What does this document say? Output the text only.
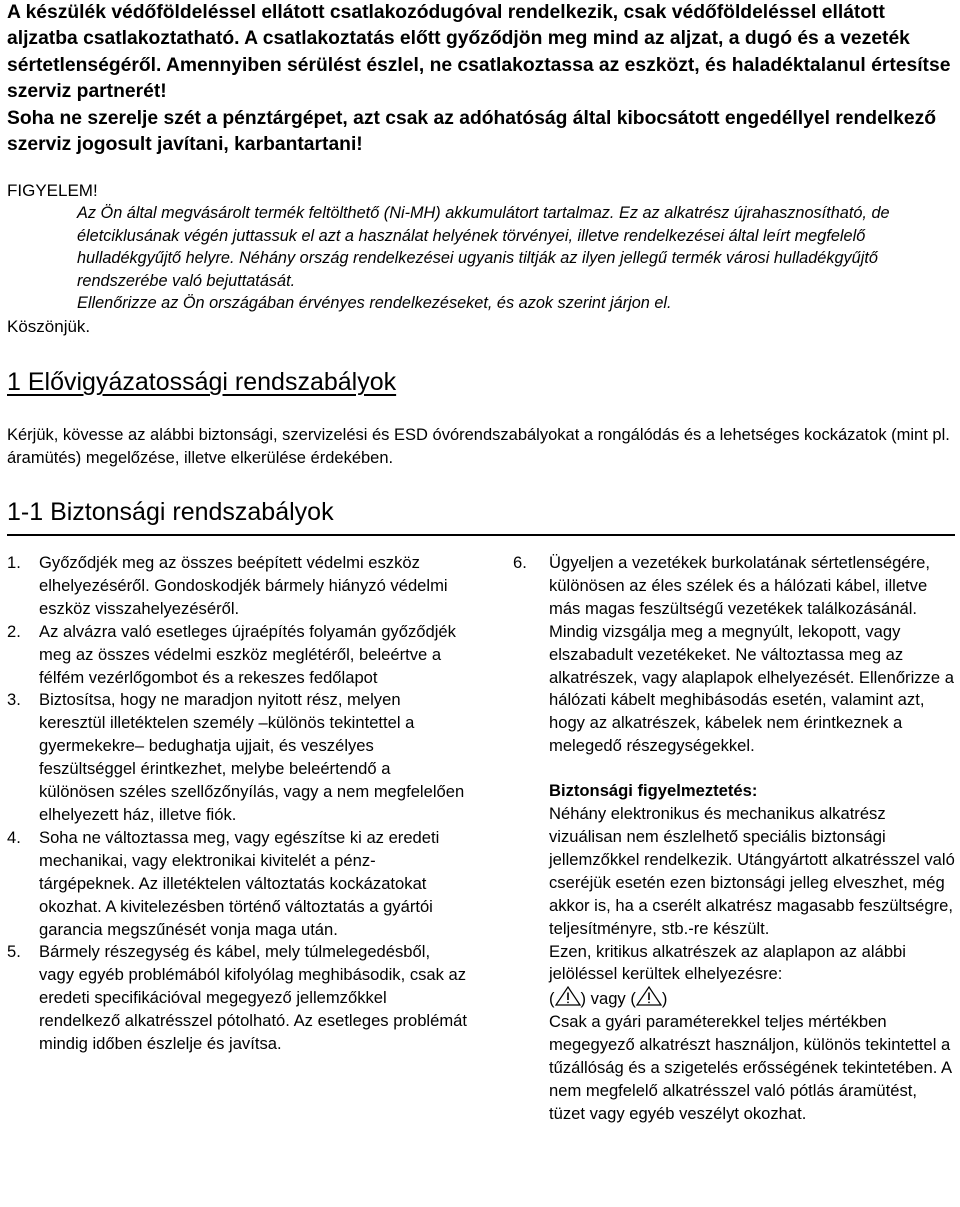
A készülék védőföldeléssel ellátott csatlakozódugóval rendelkezik, csak védőföldeléssel ellátott aljzatba csatlakoztatható. A csatlakoztatás előtt győződjön meg mind az aljzat, a dugó és a vezeték sértetlenségéről. Amennyiben sérülést észlel, ne csatlakoztassa az eszközt, és haladéktalanul értesítse szerviz partnerét!

Soha ne szerelje szét a pénztárgépet, azt csak az adóhatóság által kibocsátott engedéllyel rendelkező szerviz jogosult javítani, karbantartani!

FIGYELEM!

Az Ön által megvásárolt termék feltölthető (Ni-MH) akkumulátort tartalmaz. Ez az alkatrész újrahasznosítható, de életciklusának végén juttassuk el azt a használat helyének törvényei, illetve rendelkezései által leírt megfelelő hulladékgyűjtő helyre. Néhány ország rendelkezései ugyanis tiltják az ilyen jellegű termék városi hulladékgyűjtő rendszerébe való bejuttatását.

Ellenőrizze az Ön országában érvényes rendelkezéseket, és azok szerint járjon el.

Köszönjük.
1 Elővigyázatossági rendszabályok

Kérjük, kövesse az alábbi biztonsági, szervizelési és ESD óvórendszabályokat a rongálódás és a lehetséges kockázatok (mint pl. áramütés) megelőzése, illetve elkerülése érdekében.

1-1 Biztonsági rendszabályok
1. Győződjék meg az összes beépített védelmi eszköz elhelyezéséről. Gondoskodjék bármely hiányzó védelmi eszköz visszahelyezéséről.
2. Az alvázra való esetleges újraépítés folyamán győződjék meg az összes védelmi eszköz meglétéről, beleértve a félfém vezérlőgombot és a rekeszes fedőlapot
3. Biztosítsa, hogy ne maradjon nyitott rész, melyen keresztül illetéktelen személy –különös tekintettel a gyermekekre– bedughatja ujjait, és veszélyes feszültséggel érintkezhet, melybe beleértendő a különösen széles szellőzőnyílás, vagy a nem megfelelően elhelyezett ház, illetve fiók.
4. Soha ne változtassa meg, vagy egészítse ki az eredeti mechanikai, vagy elektronikai kivitelét a pénz-tárgépeknek. Az illetéktelen változtatás kockázatokat okozhat. A kivitelezésben történő változtatás a gyártói garancia megszűnését vonja maga után.
5. Bármely részegység és kábel, mely túlmelegedésből, vagy egyéb problémából kifolyólag meghibásodik, csak az eredeti specifikációval megegyező jellemzőkkel rendelkező alkatrésszel pótolható. Az esetleges problémát mindig időben észlelje és javítsa.
6. Ügyeljen a vezetékek burkolatának sértetlenségére, különösen az éles szélek és a hálózati kábel, illetve más magas feszültségű vezetékek találkozásánál. Mindig vizsgálja meg a megnyúlt, lekopott, vagy elszabadult vezetékeket. Ne változtassa meg az alkatrészek, vagy alaplapok elhelyezését. Ellenőrizze a hálózati kábelt meghibásodás esetén, valamint azt, hogy az alkatrészek, kábelek nem érintkeznek a melegedő részegységekkel.
Biztonsági figyelmeztetés:
Néhány elektronikus és mechanikus alkatrész vizuálisan nem észlelhető speciális biztonsági jellemzőkkel rendelkezik. Utángyártott alkatrésszel való cseréjük esetén ezen biztonsági jelleg elveszhet, még akkor is, ha a cserélt alkatrész magasabb feszültségre, teljesítményre, stb.-re készült.
Ezen, kritikus alkatrészek az alaplapon az alábbi jelöléssel kerültek elhelyezésre:
( ) vagy ( )
Csak a gyári paraméterekkel teljes mértékben megegyező alkatrészt használjon, különös tekintettel a tűzállóság és a szigetelés erősségének tekintetében. A nem megfelelő alkatrésszel való pótlás áramütést, tüzet vagy egyéb veszélyt okozhat.
